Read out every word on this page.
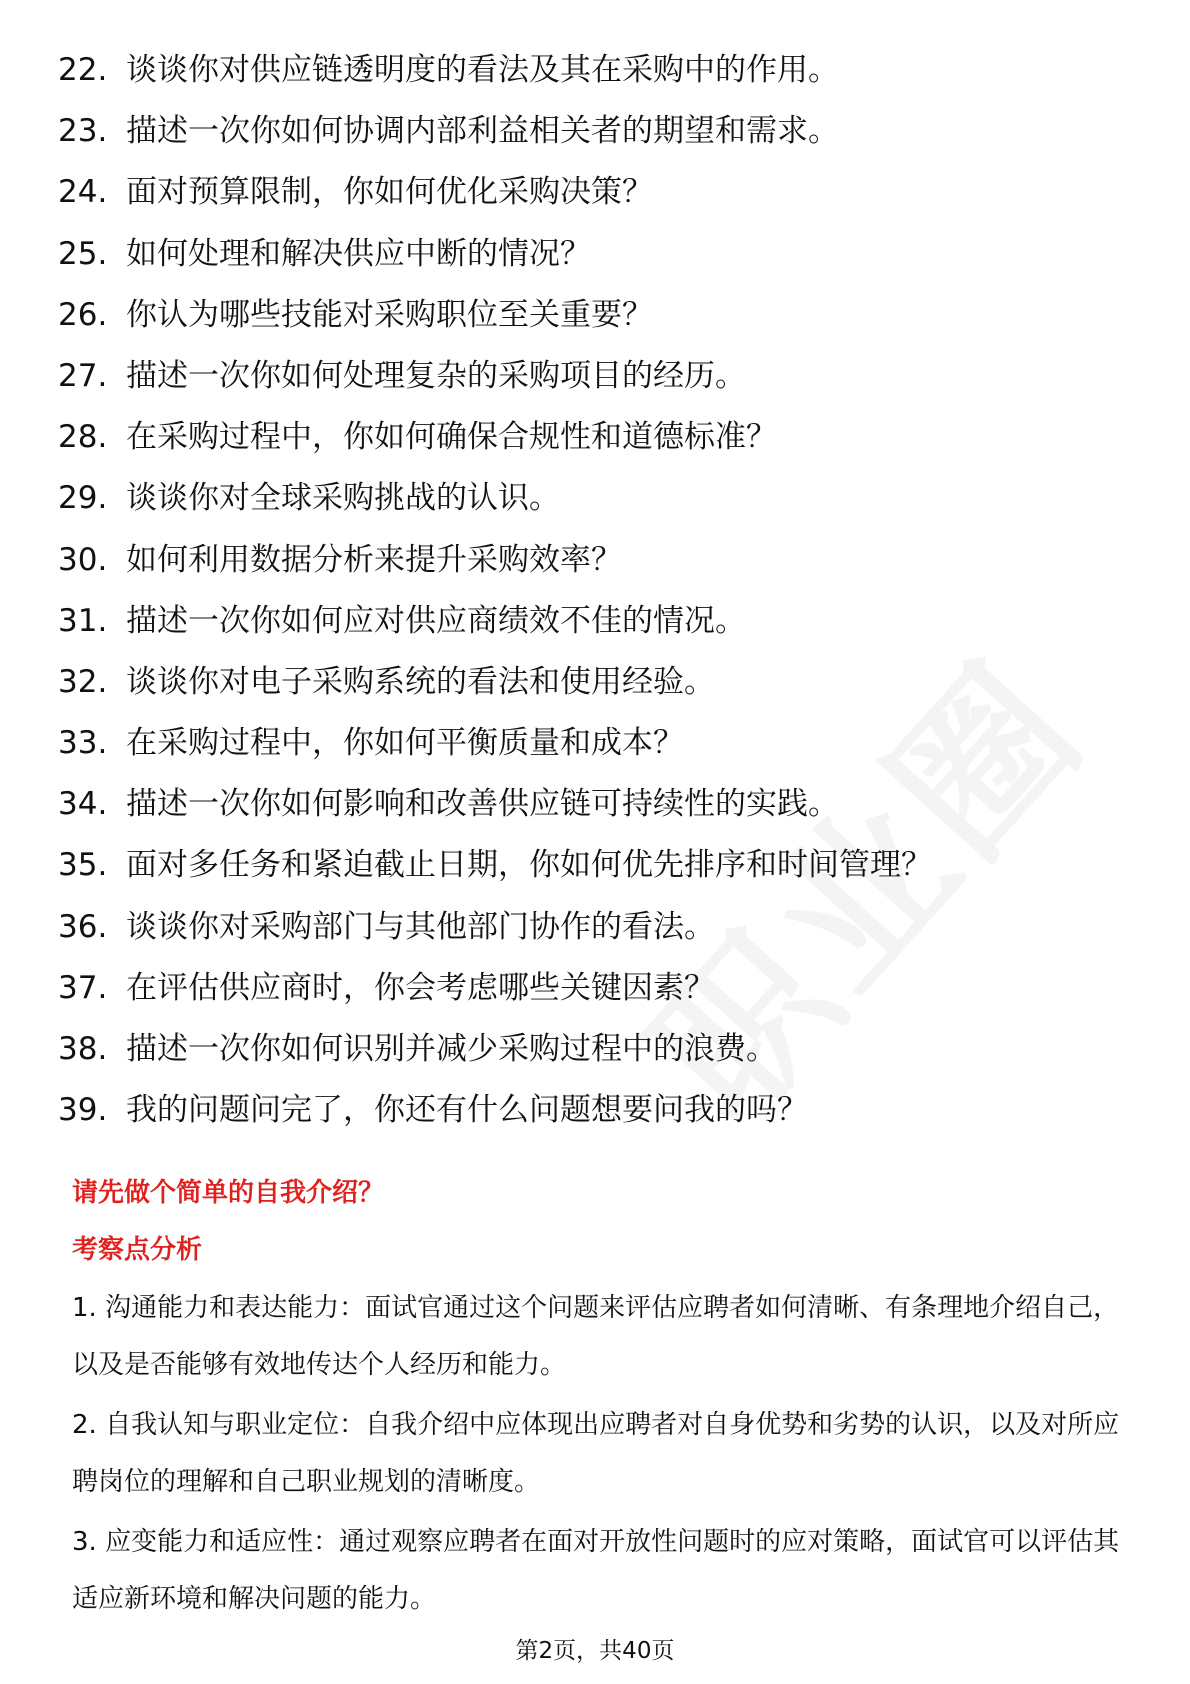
22. 谈谈你对供应链透明度的看法及其在采购中的作用。
23. 描述一次你如何协调内部利益相关者的期望和需求。
24. 面对预算限制，你如何优化采购决策？
25. 如何处理和解决供应中断的情况？
26. 你认为哪些技能对采购职位至关重要？
27. 描述一次你如何处理复杂的采购项目的经历。
28. 在采购过程中，你如何确保合规性和道德标准？
29. 谈谈你对全球采购挑战的认识。
30. 如何利用数据分析来提升采购效率？
31. 描述一次你如何应对供应商绩效不佳的情况。
32. 谈谈你对电子采购系统的看法和使用经验。
33. 在采购过程中，你如何平衡质量和成本？
34. 描述一次你如何影响和改善供应链可持续性的实践。
35. 面对多任务和紧迫截止日期，你如何优先排序和时间管理？
36. 谈谈你对采购部门与其他部门协作的看法。
37. 在评估供应商时，你会考虑哪些关键因素？
38. 描述一次你如何识别并减少采购过程中的浪费。
39. 我的问题问完了，你还有什么问题想要问我的吗？
请先做个简单的自我介绍？
考察点分析

1. 沟通能力和表达能力：面试官通过这个问题来评估应聘者如何清晰、有条理地介绍自己，以及是否能够有效地传达个人经历和能力。

2. 自我认知与职业定位：自我介绍中应体现出应聘者对自身优势和劣势的认识，以及对所应聘岗位的理解和自己职业规划的清晰度。

3. 应变能力和适应性：通过观察应聘者在面对开放性问题时的应对策略，面试官可以评估其适应新环境和解决问题的能力。

第2页，共40页
